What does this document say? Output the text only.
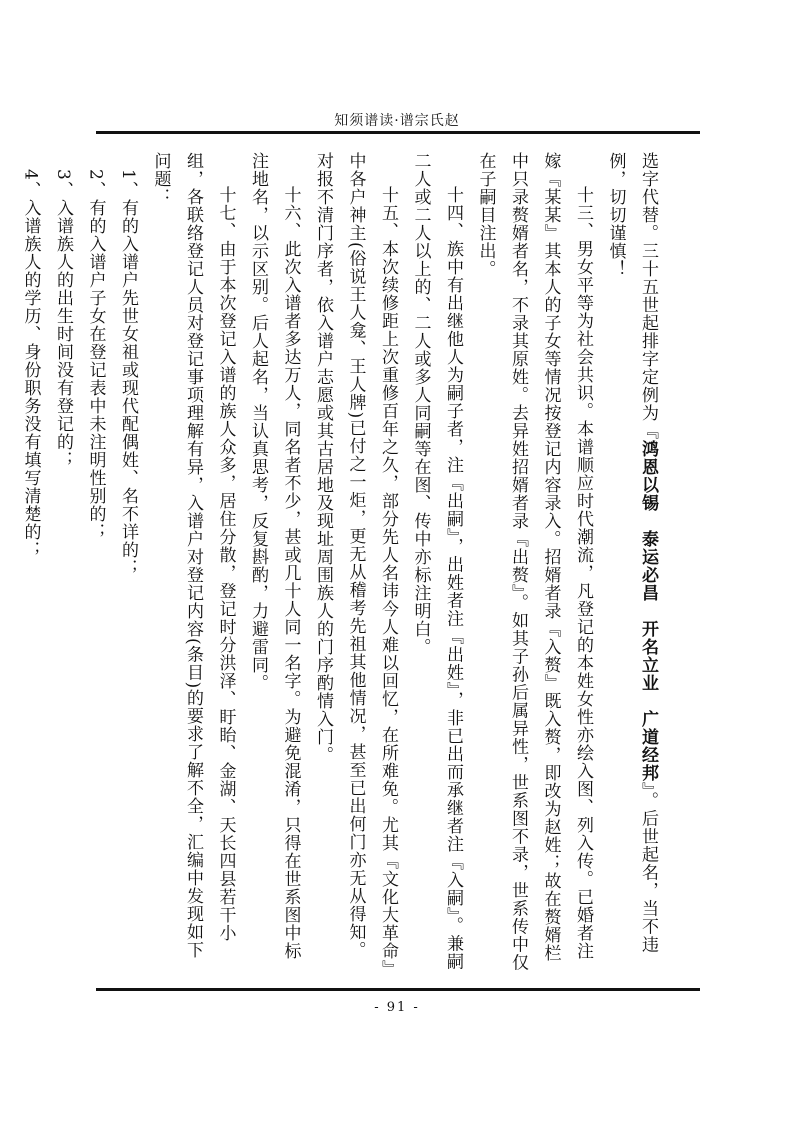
知须谱读·谱宗氏赵

选字代替。三十五世起排字定例为『鸿恩以锡　泰运必昌　开名立业　广道经邦』。后世起名，当不违例，切切谨慎！

十三、男女平等为社会共识。本谱顺应时代潮流，凡登记的本姓女性亦绘入图、列入传。已婚者注嫁『某某』其本人的子女等情况按登记内容录入。招婿者录『入赘』既入赘，即改为赵姓；故在赘婿栏中只录赘婿者名，不录其原姓。去异姓招婿者录『出赘』。如其子孙后属异性，世系图不录，世系传中仅在子嗣目注出。

十四、族中有出继他人为嗣子者，注『出嗣』，出姓者注『出姓』，非已出而承继者注『入嗣』。兼嗣二人或二人以上的、二人或多人同嗣等在图、传中亦标注明白。

十五、本次续修距上次重修百年之久，部分先人名讳今人难以回忆，在所难免。尤其『文化大革命』中各户神主(俗说王人龛、王人牌)已付之一炬，更无从稽考先祖其他情况，甚至已出何门亦无从得知。对报不清门序者，依入谱户志愿或其古居地及现址周围族人的门序酌情入门。

十六、此次入谱者多达万人，同名者不少，甚或几十人同一名字。为避免混淆，只得在世系图中标注地名，以示区别。后人起名，当认真思考，反复斟酌，力避雷同。

十七、由于本次登记入谱的族人众多，居住分散，登记时分洪泽、盱眙、金湖、天长四县若干小组，各联络登记人员对登记事项理解有异，入谱户对登记内容(条目)的要求了解不全，汇编中发现如下问题：

1、有的入谱户先世女祖或现代配偶姓、名不详的；

2、有的入谱户子女在登记表中未注明性别的；

3、入谱族人的出生时间没有登记的；

4、入谱族人的学历、身份职务没有填写清楚的；

- 91 -
